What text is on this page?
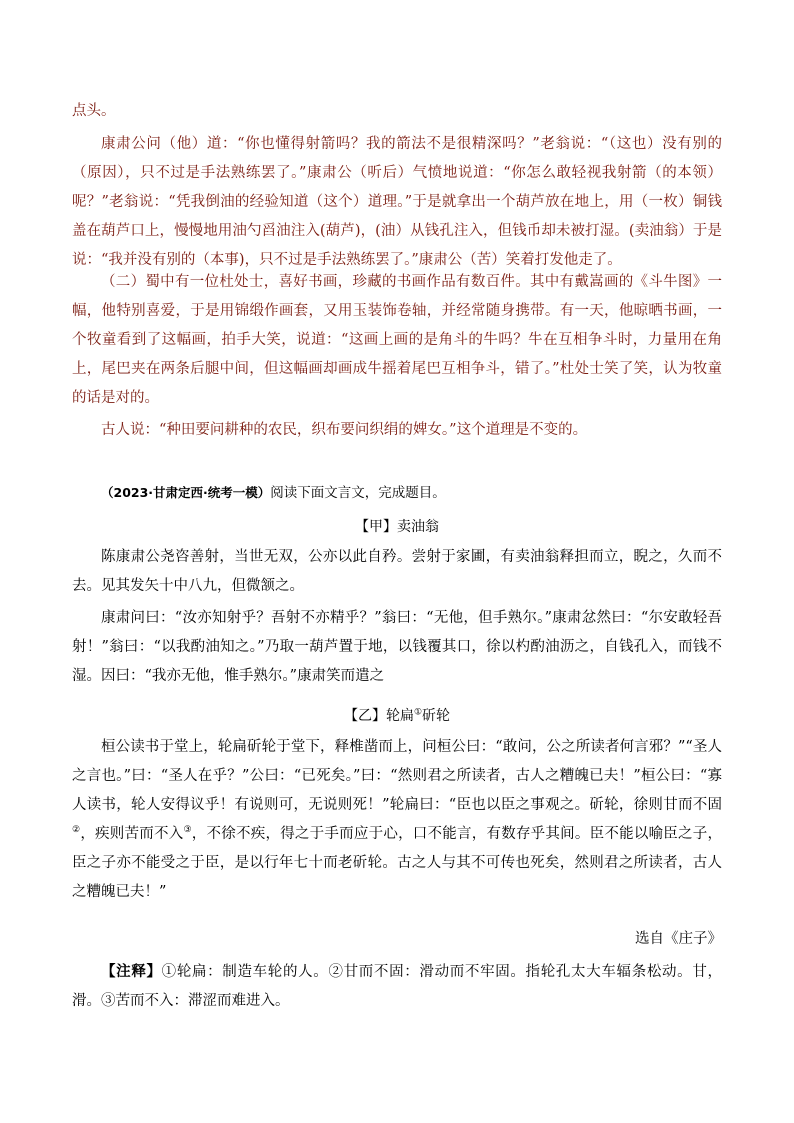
点头。

康肃公问（他）道：“你也懂得射箭吗？我的箭法不是很精深吗？”老翁说：“（这也）没有别的（原因），只不过是手法熟练罢了。”康肃公（听后）气愤地说道：“你怎么敢轻视我射箭（的本领）呢？”老翁说：“凭我倒油的经验知道（这个）道理。”于是就拿出一个葫芦放在地上，用（一枚）铜钱盖在葫芦口上，慢慢地用油勺舀油注入(葫芦)，(油）从钱孔注入，但钱币却未被打湿。(卖油翁）于是说：“我并没有别的（本事)，只不过是手法熟练罢了。”康肃公（苦）笑着打发他走了。

（二）蜀中有一位杜处士，喜好书画，珍藏的书画作品有数百件。其中有戴嵩画的《斗牛图》一幅，他特别喜爱，于是用锦缎作画套，又用玉装饰卷轴，并经常随身携带。有一天，他晾晒书画，一个牧童看到了这幅画，拍手大笑，说道：“这画上画的是角斗的牛吗？牛在互相争斗时，力量用在角上，尾巴夹在两条后腿中间，但这幅画却画成牛摇着尾巴互相争斗，错了。”杜处士笑了笑，认为牧童的话是对的。

古人说：“种田要问耕种的农民，织布要问织绢的婢女。”这个道理是不变的。

（2023·甘肃定西·统考一模）阅读下面文言文，完成题目。
【甲】卖油翁

陈康肃公尧咨善射，当世无双，公亦以此自矜。尝射于家圃，有卖油翁释担而立，睨之，久而不去。见其发矢十中八九，但微颔之。

康肃问曰：“汝亦知射乎？吾射不亦精乎？”翁曰：“无他，但手熟尔。”康肃忿然曰：“尔安敢轻吾射！”翁曰：“以我酌油知之。”乃取一葫芦置于地，以钱覆其口，徐以杓酌油沥之，自钱孔入，而钱不湿。因曰：“我亦无他，惟手熟尔。”康肃笑而遣之

【乙】轮扁①斫轮

桓公读书于堂上，轮扁斫轮于堂下，释椎凿而上，问桓公曰：“敢问，公之所读者何言邪？”“圣人之言也。”曰：“圣人在乎？”公曰：“已死矣。”曰：“然则君之所读者，古人之糟魄已夫！”桓公曰：“寡人读书，轮人安得议乎！有说则可，无说则死！”轮扁曰：“臣也以臣之事观之。斫轮，徐则甘而不固②，疾则苦而不入③，不徐不疾，得之于手而应于心，口不能言，有数存乎其间。臣不能以喻臣之子，臣之子亦不能受之于臣，是以行年七十而老斫轮。古之人与其不可传也死矣，然则君之所读者，古人之糟魄已夫！”

选自《庄子》

【注释】①轮扁：制造车轮的人。②甘而不固：滑动而不牢固。指轮孔太大车辐条松动。甘，滑。③苦而不入：滞涩而难进入。
